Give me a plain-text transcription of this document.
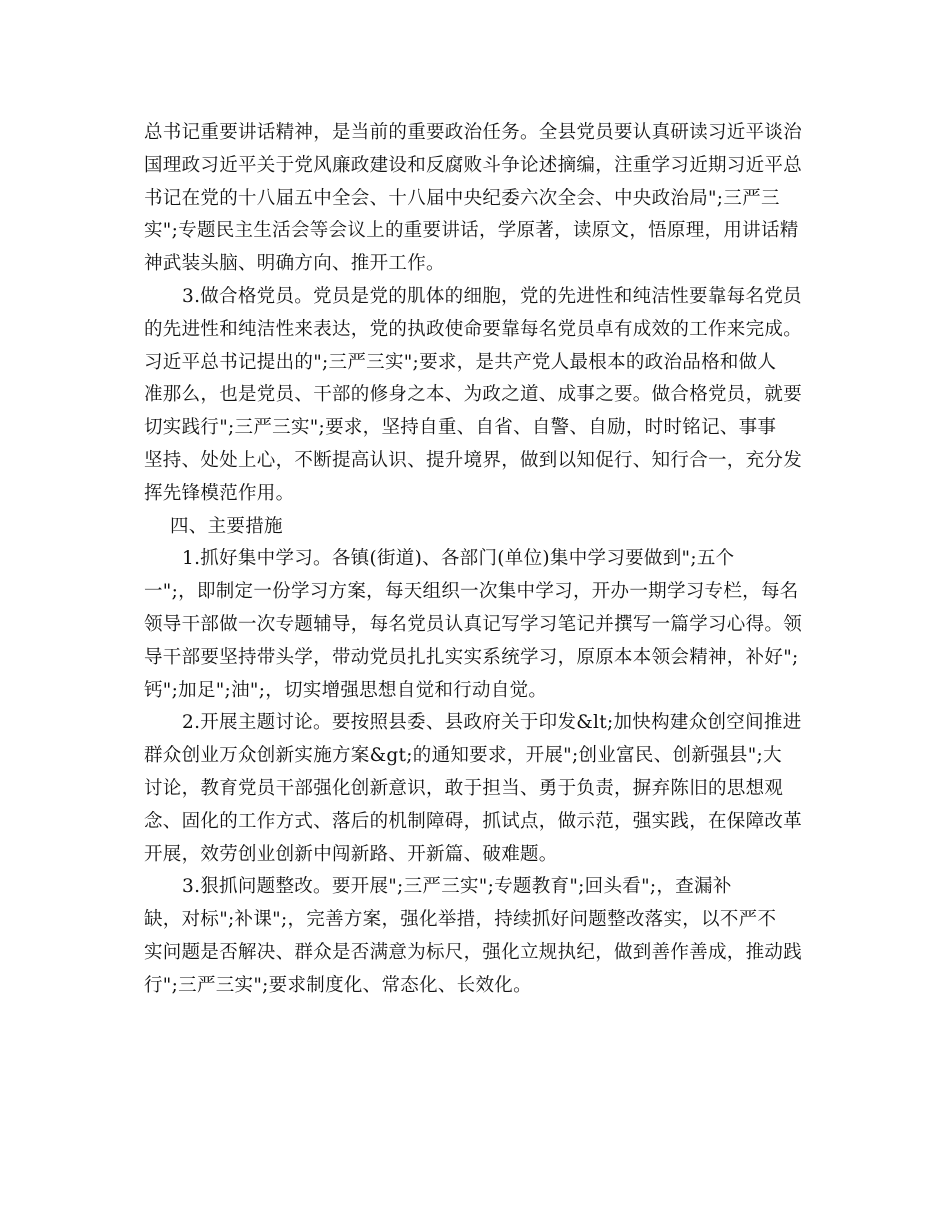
总书记重要讲话精神，是当前的重要政治任务。全县党员要认真研读习近平谈治
国理政习近平关于党风廉政建设和反腐败斗争论述摘编，注重学习近期习近平总
书记在党的十八届五中全会、十八届中央纪委六次全会、中央政治局";三严三
实";专题民主生活会等会议上的重要讲话，学原著，读原文，悟原理，用讲话精
神武装头脑、明确方向、推开工作。
3.做合格党员。党员是党的肌体的细胞，党的先进性和纯洁性要靠每名党员
的先进性和纯洁性来表达，党的执政使命要靠每名党员卓有成效的工作来完成。
习近平总书记提出的";三严三实";要求，是共产党人最根本的政治品格和做人
准那么，也是党员、干部的修身之本、为政之道、成事之要。做合格党员，就要
切实践行";三严三实";要求，坚持自重、自省、自警、自励，时时铭记、事事
坚持、处处上心，不断提高认识、提升境界，做到以知促行、知行合一，充分发
挥先锋模范作用。
四、主要措施
1.抓好集中学习。各镇(街道)、各部门(单位)集中学习要做到";五个
一";，即制定一份学习方案，每天组织一次集中学习，开办一期学习专栏，每名
领导干部做一次专题辅导，每名党员认真记写学习笔记并撰写一篇学习心得。领
导干部要坚持带头学，带动党员扎扎实实系统学习，原原本本领会精神，补好";
钙";加足";油";，切实增强思想自觉和行动自觉。
2.开展主题讨论。要按照县委、县政府关于印发&lt;加快构建众创空间推进
群众创业万众创新实施方案&gt;的通知要求，开展";创业富民、创新强县";大
讨论，教育党员干部强化创新意识，敢于担当、勇于负责，摒弃陈旧的思想观
念、固化的工作方式、落后的机制障碍，抓试点，做示范，强实践，在保障改革
开展，效劳创业创新中闯新路、开新篇、破难题。
3.狠抓问题整改。要开展";三严三实";专题教育";回头看";，查漏补
缺，对标";补课";，完善方案，强化举措，持续抓好问题整改落实，以不严不
实问题是否解决、群众是否满意为标尺，强化立规执纪，做到善作善成，推动践
行";三严三实";要求制度化、常态化、长效化。
